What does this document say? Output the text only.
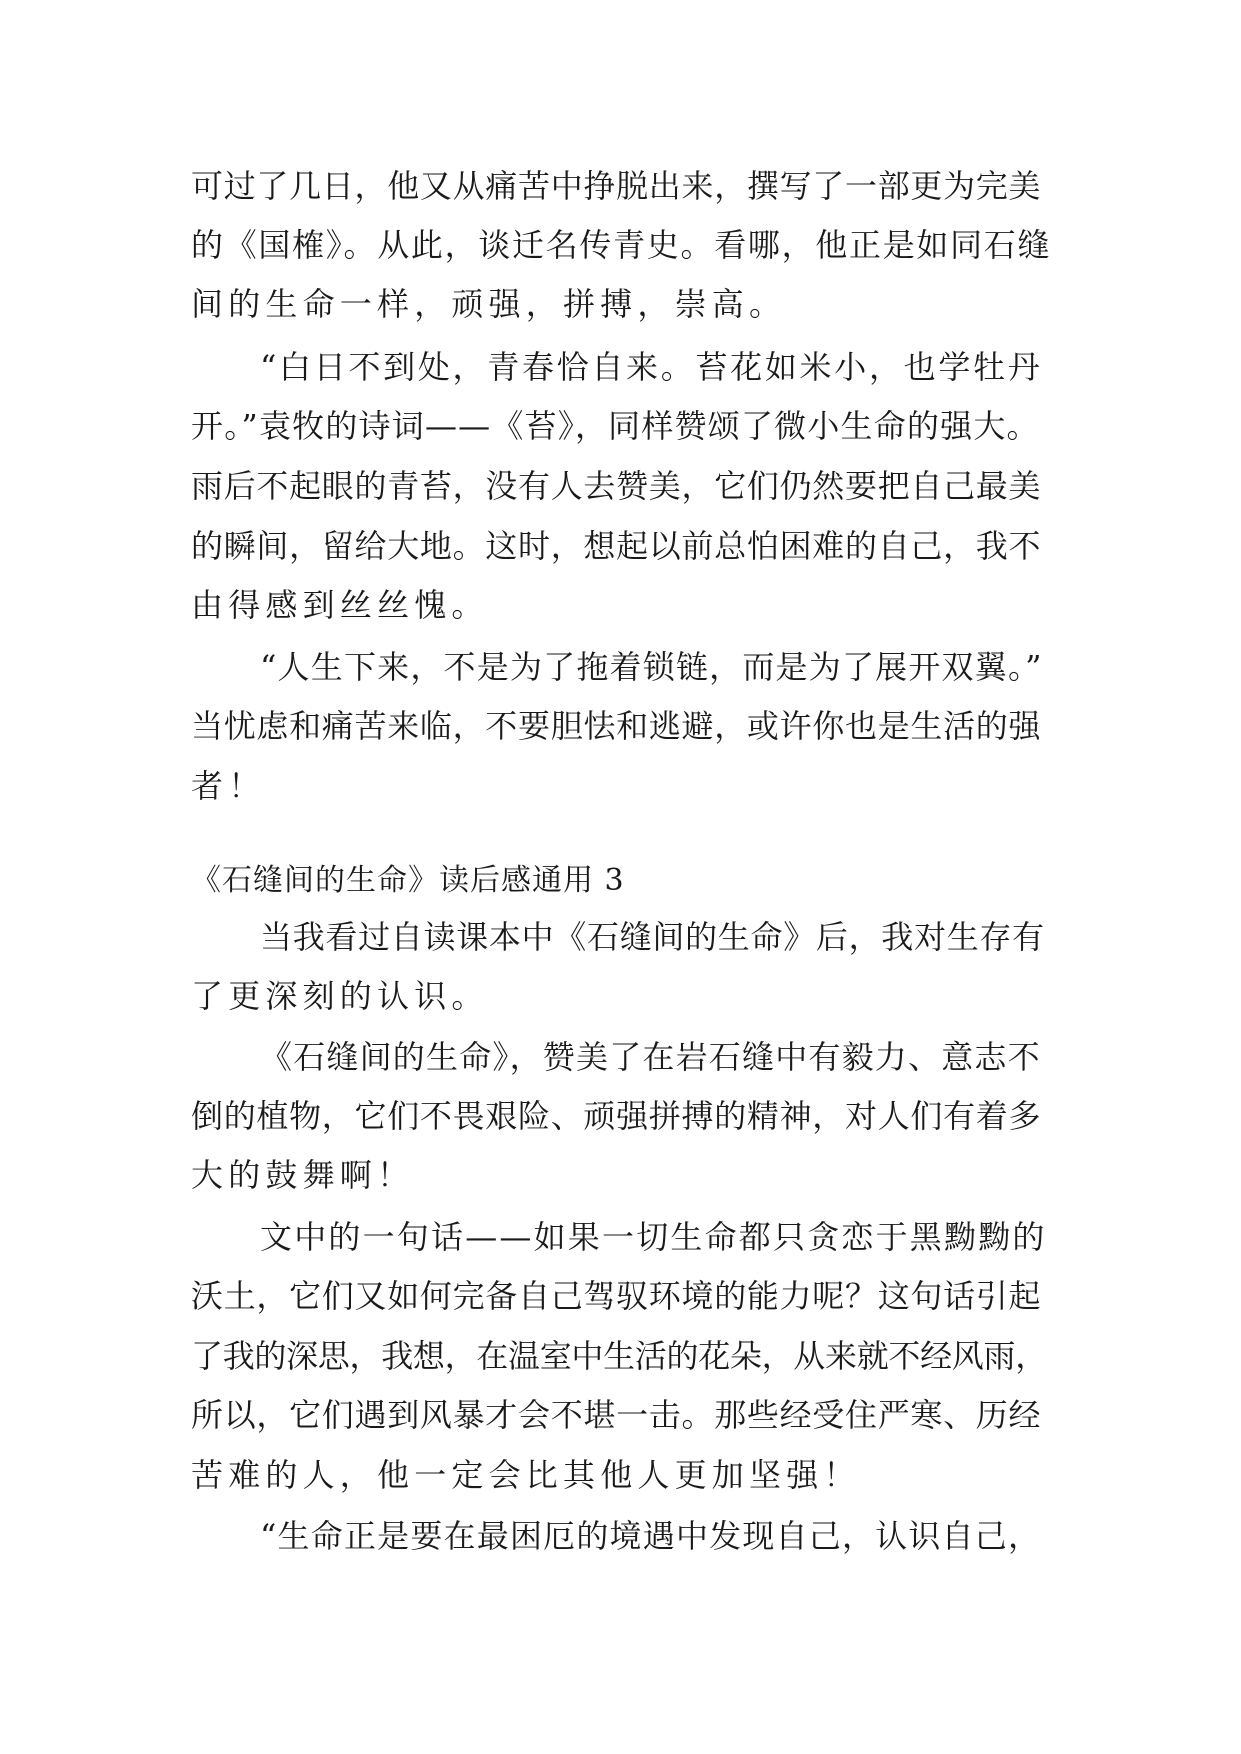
可过了几日，他又从痛苦中挣脱出来，撰写了一部更为完美
的《国榷》。从此，谈迁名传青史。看哪，他正是如同石缝
间的生命一样，顽强，拼搏，崇高。
“白日不到处，青春恰自来。苔花如米小，也学牡丹
开。”袁牧的诗词——《苔》，同样赞颂了微小生命的强大。
雨后不起眼的青苔，没有人去赞美，它们仍然要把自己最美
的瞬间，留给大地。这时，想起以前总怕困难的自己，我不
由得感到丝丝愧。
“人生下来，不是为了拖着锁链，而是为了展开双翼。”
当忧虑和痛苦来临，不要胆怯和逃避，或许你也是生活的强
者！
《石缝间的生命》读后感通用 3
当我看过自读课本中《石缝间的生命》后，我对生存有
了更深刻的认识。
《石缝间的生命》，赞美了在岩石缝中有毅力、意志不
倒的植物，它们不畏艰险、顽强拼搏的精神，对人们有着多
大的鼓舞啊！
文中的一句话——如果一切生命都只贪恋于黑黝黝的
沃土，它们又如何完备自己驾驭环境的能力呢？这句话引起
了我的深思，我想，在温室中生活的花朵，从来就不经风雨，
所以，它们遇到风暴才会不堪一击。那些经受住严寒、历经
苦难的人，他一定会比其他人更加坚强！
“生命正是要在最困厄的境遇中发现自己，认识自己，
